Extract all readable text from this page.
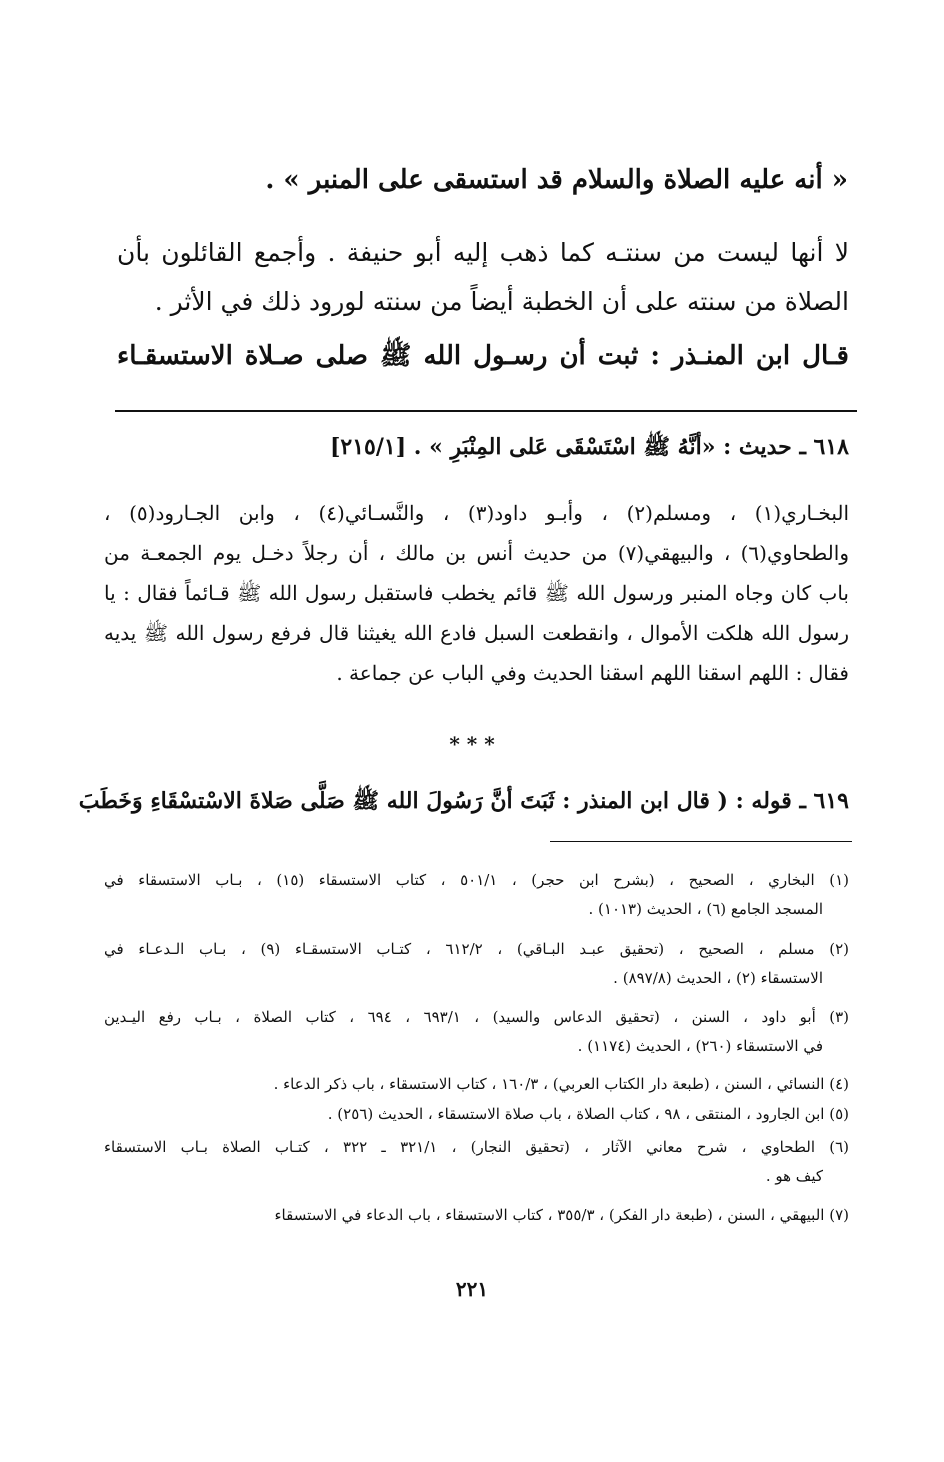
« أنه عليه الصلاة والسلام قد استسقى على المنبر » .
لا أنها ليست من سنتـه كما ذهب إليه أبو حنيفة . وأجمع القائلون بأن
الصلاة من سنته على أن الخطبة أيضاً من سنته لورود ذلك في الأثر .
قـال ابن المنـذر : ثبت أن رسـول الله ﷺ صلى صـلاة الاستسقـاء
٦١٨ ـ حديث : «أنَّهُ ﷺ اسْتَسْقَى عَلى المِنْبَرِ » . [٢١٥/١]
البخـاري(١) ، ومسلم(٢) ، وأبـو داود(٣) ، والنَّسـائي(٤) ، وابن الجـارود(٥) ،
والطحاوي(٦) ، والبيهقي(٧) من حديث أنس بن مالك ، أن رجلاً دخـل يوم الجمعـة من
باب كان وجاه المنبر ورسول الله ﷺ قائم يخطب فاستقبل رسول الله ﷺ قـائماً فقال : يا
رسول الله هلكت الأموال ، وانقطعت السبل فادع الله يغيثنا قال فرفع رسول الله ﷺ يديه
فقال : اللهم اسقنا اللهم اسقنا الحديث وفي الباب عن جماعة .
* * *
٦١٩ ـ قوله : ( قال ابن المنذر : ثَبَتَ أنَّ رَسُولَ الله ﷺ صَلَّى صَلاةَ الاسْتسْقَاءِ وَخَطَبَ
(١) البخاري ، الصحيح ، (بشرح ابن حجر) ، ٥٠١/١ ، كتاب الاستسقاء (١٥) ، بـاب الاستسقاء في
المسجد الجامع (٦) ، الحديث (١٠١٣) .
(٢) مسلم ، الصحيح ، (تحقيق عبـد البـاقي) ، ٦١٢/٢ ، كتـاب الاستسقـاء (٩) ، بـاب الـدعـاء في
الاستسقاء (٢) ، الحديث (٨٩٧/٨) .
(٣) أبو داود ، السنن ، (تحقيق الدعاس والسيد) ، ٦٩٣/١ ، ٦٩٤ ، كتاب الصلاة ، بـاب رفع اليـدين
في الاستسقاء (٢٦٠) ، الحديث (١١٧٤) .
(٤) النسائي ، السنن ، (طبعة دار الكتاب العربي) ، ١٦٠/٣ ، كتاب الاستسقاء ، باب ذكر الدعاء .
(٥) ابن الجارود ، المنتقى ، ٩٨ ، كتاب الصلاة ، باب صلاة الاستسقاء ، الحديث (٢٥٦) .
(٦) الطحاوي ، شرح معاني الآثار ، (تحقيق النجار) ، ٣٢١/١ ـ ٣٢٢ ، كتـاب الصلاة بـاب الاستسقاء
كيف هو .
(٧) البيهقي ، السنن ، (طبعة دار الفكر) ، ٣٥٥/٣ ، كتاب الاستسقاء ، باب الدعاء في الاستسقاء
٢٢١
